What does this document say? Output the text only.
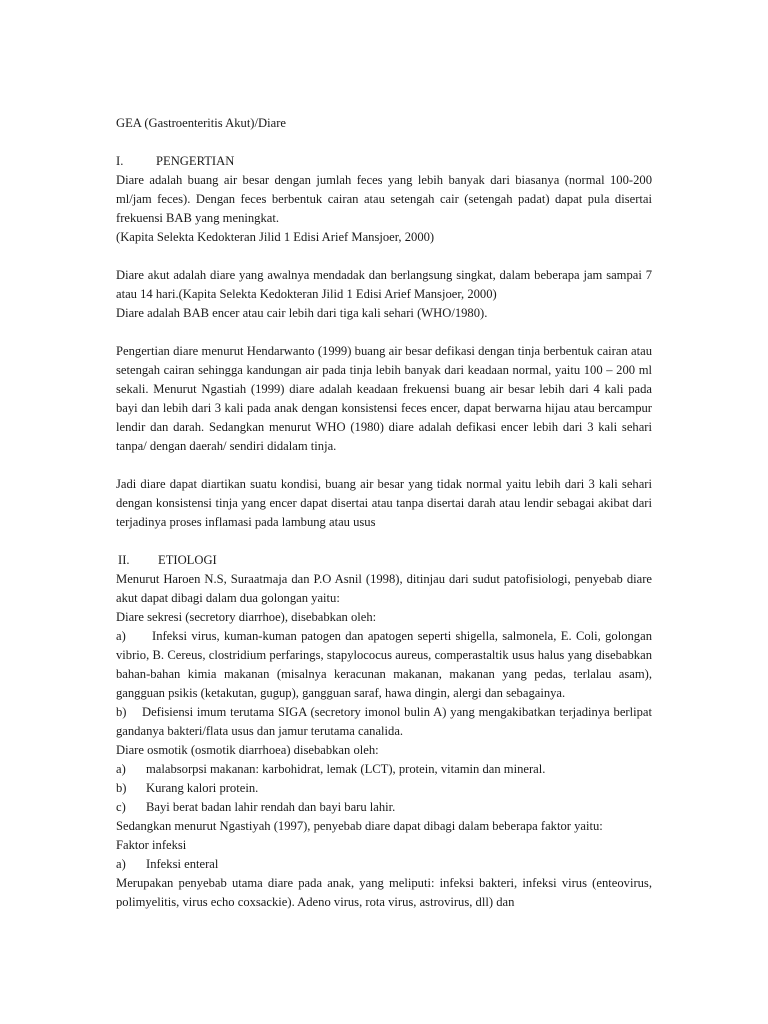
GEA (Gastroenteritis Akut)/Diare

I.	PENGERTIAN

Diare adalah buang air besar dengan jumlah feces yang lebih banyak dari biasanya (normal 100-200 ml/jam feces). Dengan feces berbentuk cairan atau setengah cair (setengah padat) dapat pula disertai frekuensi BAB yang meningkat.

(Kapita Selekta Kedokteran Jilid 1 Edisi Arief Mansjoer, 2000)

Diare akut adalah diare yang awalnya mendadak dan berlangsung singkat, dalam beberapa jam sampai 7 atau 14 hari.(Kapita Selekta Kedokteran Jilid 1 Edisi Arief Mansjoer, 2000)

Diare adalah BAB encer atau cair lebih dari tiga kali sehari (WHO/1980).

Pengertian diare menurut Hendarwanto (1999) buang air besar defikasi dengan tinja berbentuk cairan atau setengah cairan sehingga kandungan air pada tinja lebih banyak dari keadaan normal, yaitu 100 – 200 ml sekali. Menurut Ngastiah (1999) diare adalah keadaan frekuensi buang air besar lebih dari 4 kali pada bayi dan lebih dari 3 kali pada anak dengan konsistensi feces encer, dapat berwarna hijau atau bercampur lendir dan darah. Sedangkan menurut WHO (1980) diare adalah defikasi encer lebih dari 3 kali sehari tanpa/ dengan daerah/ sendiri didalam tinja.

Jadi diare dapat diartikan suatu kondisi, buang air besar yang tidak normal yaitu lebih dari 3 kali sehari dengan konsistensi tinja yang encer dapat disertai atau tanpa disertai darah atau lendir sebagai akibat dari terjadinya proses inflamasi pada lambung atau usus

II.	ETIOLOGI

Menurut Haroen N.S, Suraatmaja dan P.O Asnil (1998), ditinjau dari sudut patofisiologi, penyebab diare akut dapat dibagi dalam dua golongan yaitu:

Diare sekresi (secretory diarrhoe), disebabkan oleh:

a) Infeksi virus, kuman-kuman patogen dan apatogen seperti shigella, salmonela, E. Coli, golongan vibrio, B. Cereus, clostridium perfarings, stapylococus aureus, comperastaltik usus halus yang disebabkan bahan-bahan kimia makanan (misalnya keracunan makanan, makanan yang pedas, terlalau asam), gangguan psikis (ketakutan, gugup), gangguan saraf, hawa dingin, alergi dan sebagainya.

b) Defisiensi imum terutama SIGA (secretory imonol bulin A) yang mengakibatkan terjadinya berlipat gandanya bakteri/flata usus dan jamur terutama canalida.

Diare osmotik (osmotik diarrhoea) disebabkan oleh:

a)	malabsorpsi makanan: karbohidrat, lemak (LCT), protein, vitamin dan mineral.
b)	Kurang kalori protein.
c)	Bayi berat badan lahir rendah dan bayi baru lahir.

Sedangkan menurut Ngastiyah (1997), penyebab diare dapat dibagi dalam beberapa faktor yaitu:

Faktor infeksi

a)	Infeksi enteral

Merupakan penyebab utama diare pada anak, yang meliputi: infeksi bakteri, infeksi virus (enteovirus, polimyelitis, virus echo coxsackie). Adeno virus, rota virus, astrovirus, dll) dan
